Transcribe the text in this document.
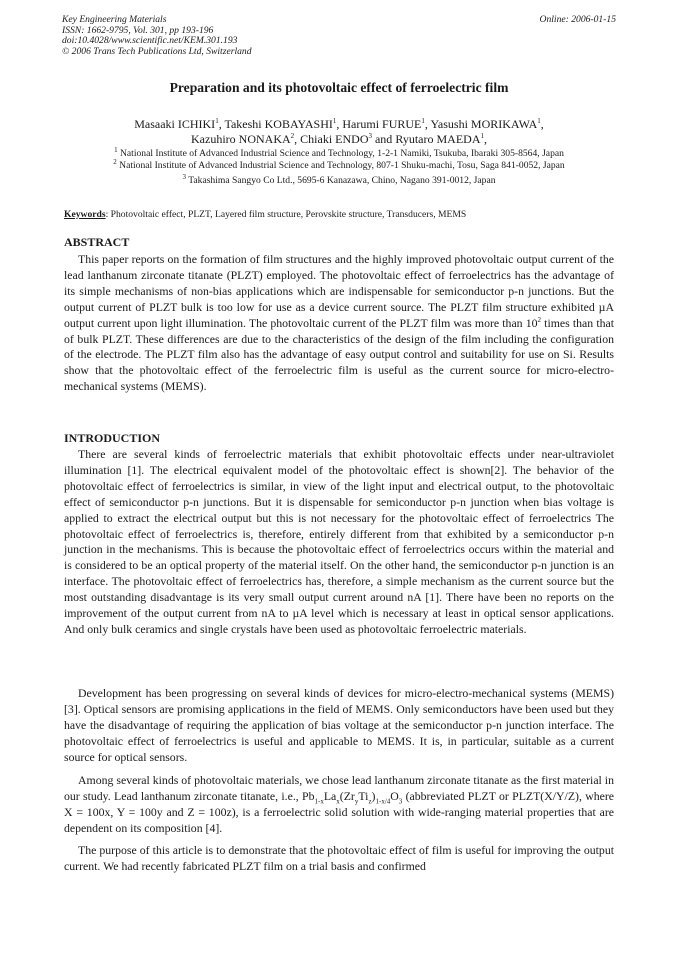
Key Engineering Materials
ISSN: 1662-9795, Vol. 301, pp 193-196
doi:10.4028/www.scientific.net/KEM.301.193
© 2006 Trans Tech Publications Ltd, Switzerland
Online: 2006-01-15
Preparation and its photovoltaic effect of ferroelectric film
Masaaki ICHIKI$^1$, Takeshi KOBAYASHI$^1$, Harumi FURUE$^1$, Yasushi MORIKAWA$^1$,
Kazuhiro NONAKA$^2$, Chiaki ENDO$^3$ and Ryutaro MAEDA$^1$,
$^1$ National Institute of Advanced Industrial Science and Technology, 1-2-1 Namiki, Tsukuba, Ibaraki 305-8564, Japan
$^2$ National Institute of Advanced Industrial Science and Technology, 807-1 Shuku-machi, Tosu, Saga 841-0052, Japan
$^3$ Takashima Sangyo Co Ltd., 5695-6 Kanazawa, Chino, Nagano 391-0012, Japan
Keywords: Photovoltaic effect, PLZT, Layered film structure, Perovskite structure, Transducers, MEMS
ABSTRACT
This paper reports on the formation of film structures and the highly improved photovoltaic output current of the lead lanthanum zirconate titanate (PLZT) employed. The photovoltaic effect of ferroelectrics has the advantage of its simple mechanisms of non-bias applications which are indispensable for semiconductor p-n junctions. But the output current of PLZT bulk is too low for use as a device current source. The PLZT film structure exhibited µA output current upon light illumination. The photovoltaic current of the PLZT film was more than $10^2$ times than that of bulk PLZT. These differences are due to the characteristics of the design of the film including the configuration of the electrode. The PLZT film also has the advantage of easy output control and suitability for use on Si. Results show that the photovoltaic effect of the ferroelectric film is useful as the current source for micro-electro-mechanical systems (MEMS).
INTRODUCTION
There are several kinds of ferroelectric materials that exhibit photovoltaic effects under near-ultraviolet illumination [1]. The electrical equivalent model of the photovoltaic effect is shown[2]. The behavior of the photovoltaic effect of ferroelectrics is similar, in view of the light input and electrical output, to the photovoltaic effect of semiconductor p-n junctions. But it is dispensable for semiconductor p-n junction when bias voltage is applied to extract the electrical output but this is not necessary for the photovoltaic effect of ferroelectrics The photovoltaic effect of ferroelectrics is, therefore, entirely different from that exhibited by a semiconductor p-n junction in the mechanisms. This is because the photovoltaic effect of ferroelectrics occurs within the material and is considered to be an optical property of the material itself. On the other hand, the semiconductor p-n junction is an interface. The photovoltaic effect of ferroelectrics has, therefore, a simple mechanism as the current source but the most outstanding disadvantage is its very small output current around nA [1]. There have been no reports on the improvement of the output current from nA to µA level which is necessary at least in optical sensor applications. And only bulk ceramics and single crystals have been used as photovoltaic ferroelectric materials.
Development has been progressing on several kinds of devices for micro-electro-mechanical systems (MEMS) [3]. Optical sensors are promising applications in the field of MEMS. Only semiconductors have been used but they have the disadvantage of requiring the application of bias voltage at the semiconductor p-n junction interface. The photovoltaic effect of ferroelectrics is useful and applicable to MEMS. It is, in particular, suitable as a current source for optical sensors.
Among several kinds of photovoltaic materials, we chose lead lanthanum zirconate titanate as the first material in our study. Lead lanthanum zirconate titanate, i.e., $Pb_{1-x}La_x(Zr_yTi_z)_{1-x/4}O_3$ (abbreviated PLZT or PLZT(X/Y/Z), where X = 100x, Y = 100y and Z = 100z), is a ferroelectric solid solution with wide-ranging material properties that are dependent on its composition [4].
The purpose of this article is to demonstrate that the photovoltaic effect of film is useful for improving the output current. We had recently fabricated PLZT film on a trial basis and confirmed
